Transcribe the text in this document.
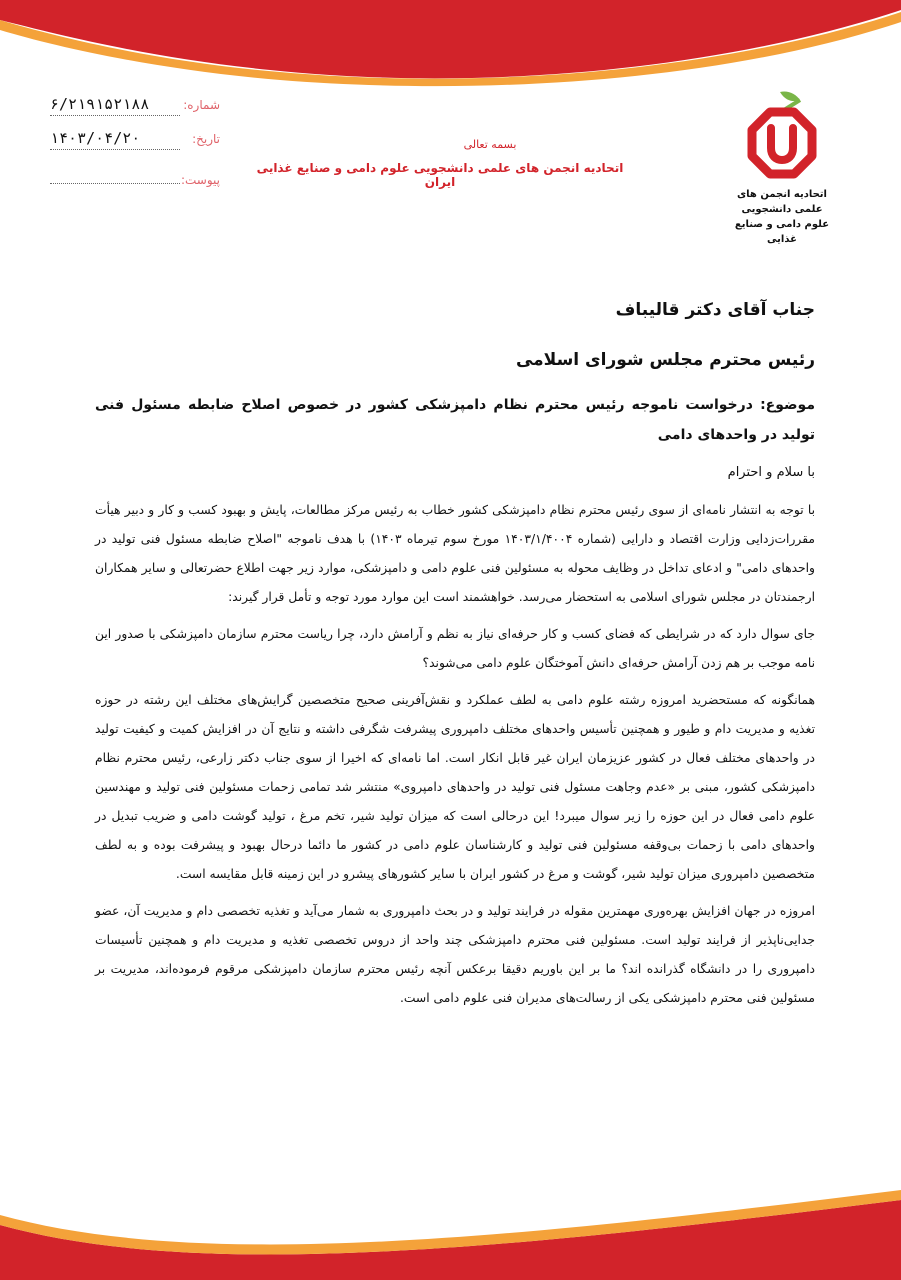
شماره:
۶/۲۱۹۱۵۲۱۸۸
تاریخ:
۱۴۰۳/۰۴/۲۰
پیوست:
بسمه تعالی
اتحادیه انجمن های علمی دانشجویی علوم دامی و صنایع غذایی ایران
اتحادیه انجمن های علمی دانشجویی
علوم دامی و صنایع غذایی
جناب آقای دکتر قالیباف
رئیس محترم مجلس شورای اسلامی
موضوع: درخواست ناموجه رئیس محترم نظام دامپزشکی کشور در خصوص اصلاح ضابطه مسئول فنی تولید در واحدهای دامی
با سلام و احترام

با توجه به انتشار نامه‌ای از سوی رئیس محترم نظام دامپزشکی کشور خطاب به رئیس مرکز مطالعات، پایش و بهبود کسب و کار و دبیر هیأت مقررات‌زدایی وزارت اقتصاد و دارایی (شماره ۱۴۰۳/۱/۴۰۰۴ مورخ سوم تیرماه ۱۴۰۳) با هدف ناموجه "اصلاح ضابطه مسئول فنی تولید در واحدهای دامی" و ادعای تداخل در وظایف محوله به مسئولین فنی علوم دامی و دامپزشکی، موارد زیر جهت اطلاع حضرتعالی و سایر همکاران ارجمندتان در مجلس شورای اسلامی به استحضار می‌رسد. خواهشمند است این موارد مورد توجه و تأمل قرار گیرند:

جای سوال دارد که در شرایطی که فضای کسب و کار حرفه‌ای نیاز به نظم و آرامش دارد، چرا ریاست محترم سازمان دامپزشکی با صدور این نامه موجب بر هم زدن آرامش حرفه‌ای دانش آموختگان علوم دامی می‌شوند؟

همانگونه که مستحضرید امروزه رشته علوم دامی به لطف عملکرد و نقش‌آفرینی صحیح متخصصین گرایش‌های مختلف این رشته در حوزه تغذیه و مدیریت دام و طیور و همچنین تأسیس واحدهای مختلف دامپروری پیشرفت شگرفی داشته و نتایج آن در افزایش کمیت و کیفیت تولید در واحدهای مختلف فعال در کشور عزیزمان ایران غیر قابل انکار است. اما نامه‌ای که اخیرا از سوی جناب دکتر زارعی، رئیس محترم نظام دامپزشکی کشور، مبنی بر «عدم وجاهت مسئول فنی تولید در واحدهای دامپروی» منتشر شد تمامی زحمات مسئولین فنی تولید و مهندسین علوم دامی فعال در این حوزه را زیر سوال میبرد! این درحالی است که میزان تولید شیر، تخم مرغ ، تولید گوشت دامی و ضریب تبدیل در واحدهای دامی با زحمات بی‌وقفه مسئولین فنی تولید و کارشناسان علوم دامی در کشور ما دائما درحال بهبود و پیشرفت بوده و به لطف متخصصین دامپروری میزان تولید شیر، گوشت و مرغ در کشور ایران با سایر کشورهای پیشرو در این زمینه قابل مقایسه است.

امروزه در جهان افزایش بهره‌وری مهمترین مقوله در فرایند تولید و در بحث دامپروری به شمار می‌آید و تغذیه تخصصی دام و مدیریت آن، عضو جدایی‌ناپذیر از فرایند تولید است. مسئولین فنی محترم دامپزشکی چند واحد از دروس تخصصی تغذیه و مدیریت دام و همچنین تأسیسات دامپروری را در دانشگاه گذرانده اند؟ ما بر این باوریم دقیقا برعکس آنچه رئیس محترم سازمان دامپزشکی مرقوم فرموده‌اند، مدیریت بر مسئولین فنی محترم دامپزشکی یکی از رسالت‌های مدیران فنی علوم دامی است.
